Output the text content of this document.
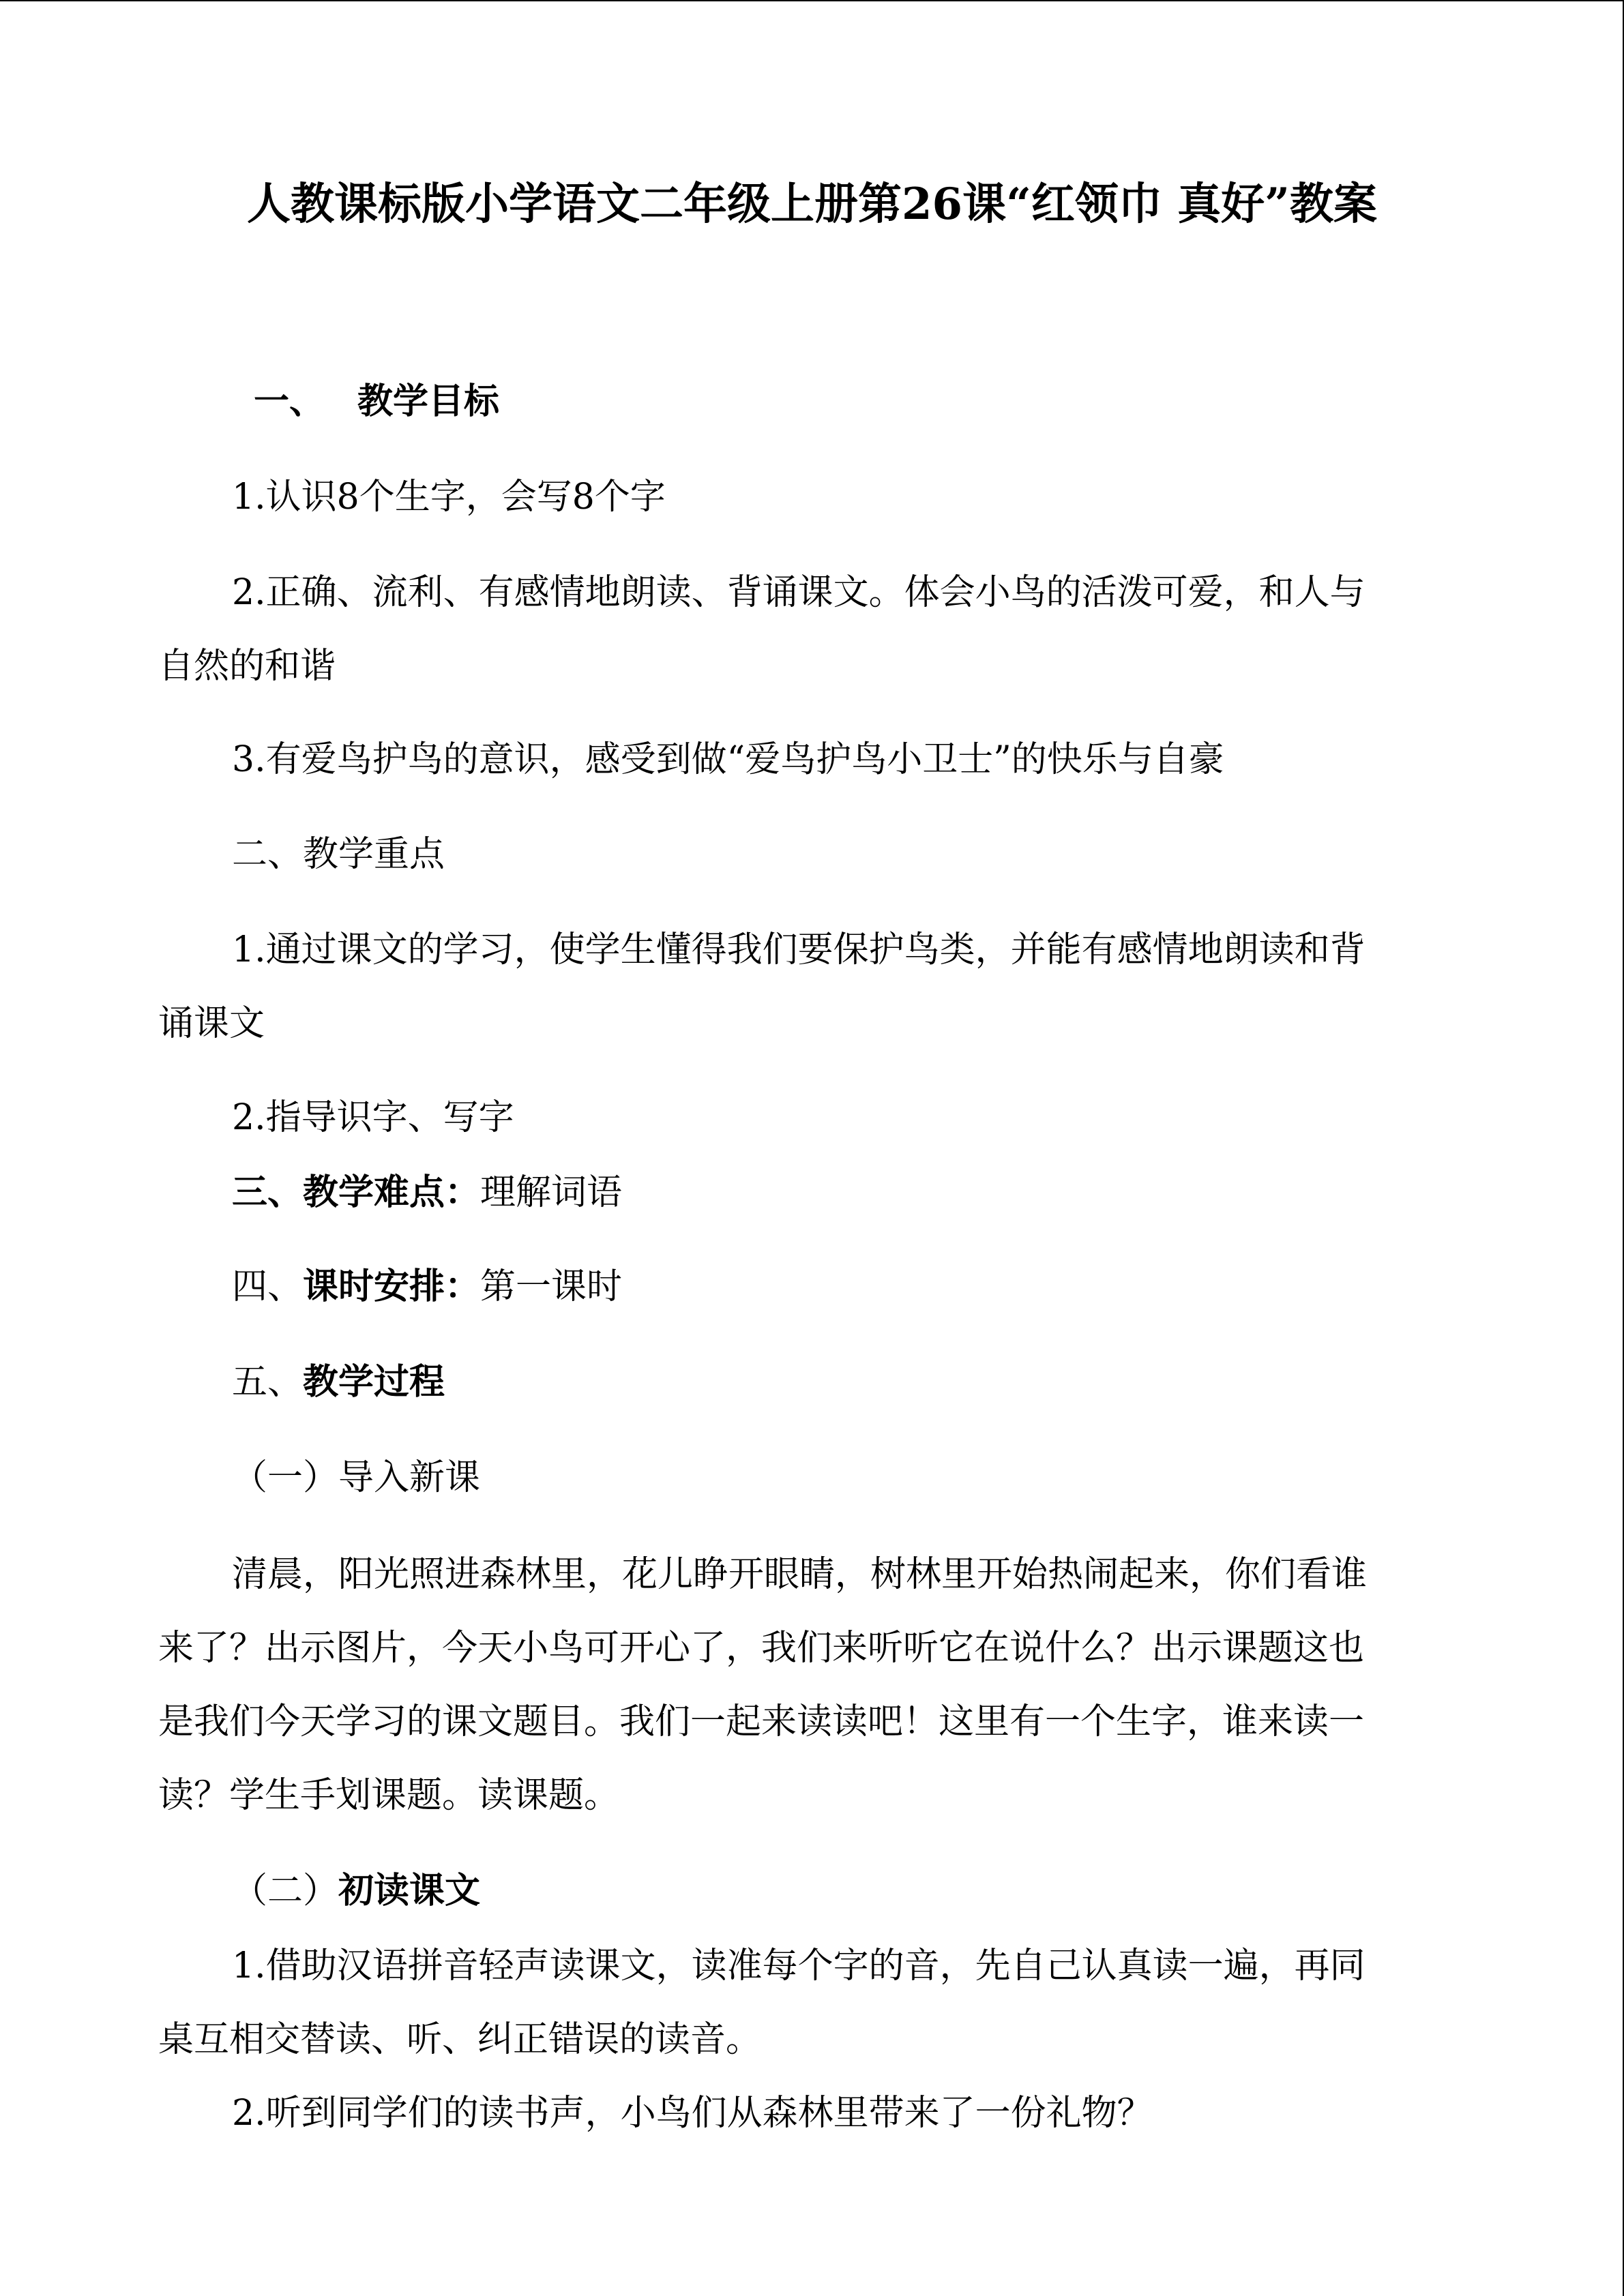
人教课标版小学语文二年级上册第26课“红领巾 真好”教案
一、 教学目标
1.认识8个生字，会写8个字
2.正确、流利、有感情地朗读、背诵课文。体会小鸟的活泼可爱，和人与
自然的和谐
3.有爱鸟护鸟的意识，感受到做“爱鸟护鸟小卫士”的快乐与自豪
二、教学重点
1.通过课文的学习，使学生懂得我们要保护鸟类，并能有感情地朗读和背
诵课文
2.指导识字、写字
三、教学难点：理解词语
四、课时安排：第一课时
五、教学过程
（一）导入新课
清晨，阳光照进森林里，花儿睁开眼睛，树林里开始热闹起来，你们看谁
来了？出示图片，今天小鸟可开心了，我们来听听它在说什么？出示课题这也
是我们今天学习的课文题目。我们一起来读读吧！这里有一个生字，谁来读一
读？学生手划课题。读课题。
（二）初读课文
1.借助汉语拼音轻声读课文，读准每个字的音，先自己认真读一遍，再同
桌互相交替读、听、纠正错误的读音。
2.听到同学们的读书声，小鸟们从森林里带来了一份礼物？
